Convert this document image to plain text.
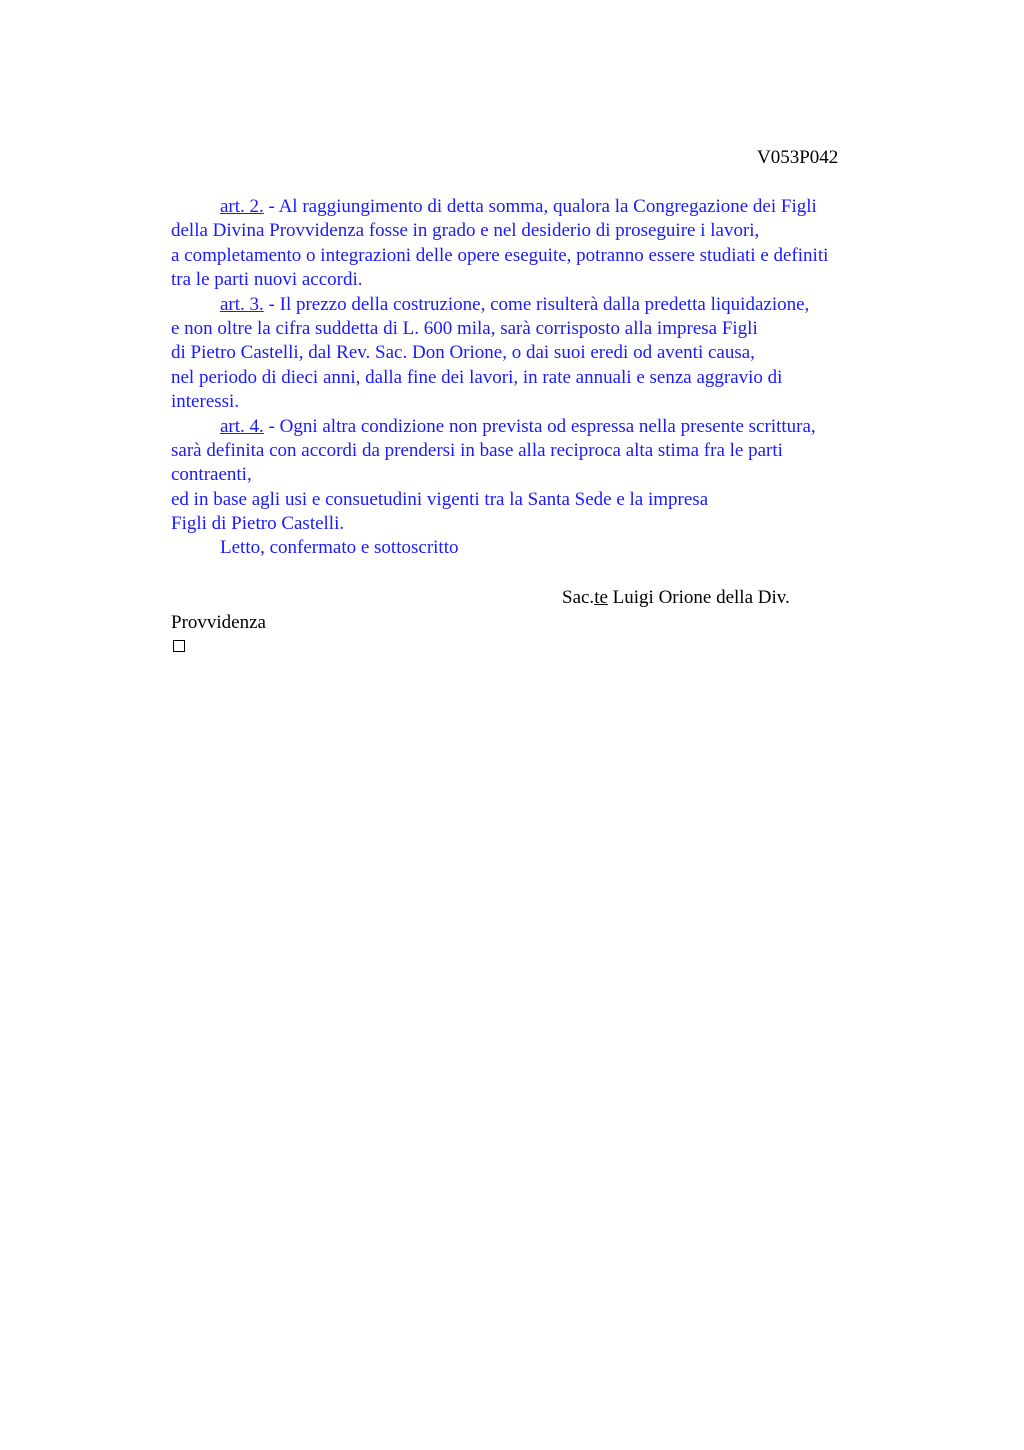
V053P042
art. 2. - Al raggiungimento di detta somma, qualora la Congregazione dei Figli
della Divina Provvidenza fosse in grado e nel desiderio di proseguire i lavori,
a completamento o integrazioni delle opere eseguite, potranno essere studiati e definiti
tra le parti nuovi accordi.
art. 3. - Il prezzo della costruzione, come risulterà dalla predetta liquidazione,
e non oltre la cifra suddetta di L. 600 mila, sarà corrisposto alla impresa Figli
di Pietro Castelli, dal Rev. Sac. Don Orione, o dai suoi eredi od aventi causa,
nel periodo di dieci anni, dalla fine dei lavori, in rate annuali e senza aggravio di
interessi.
art. 4. - Ogni altra condizione non prevista od espressa nella presente scrittura,
sarà definita con accordi da prendersi in base alla reciproca alta stima fra le parti
contraenti,
ed in base agli usi e consuetudini vigenti tra la Santa Sede e la impresa
Figli di Pietro Castelli.
Letto, confermato e sottoscritto
Sac.te Luigi Orione della Div.
Provvidenza
